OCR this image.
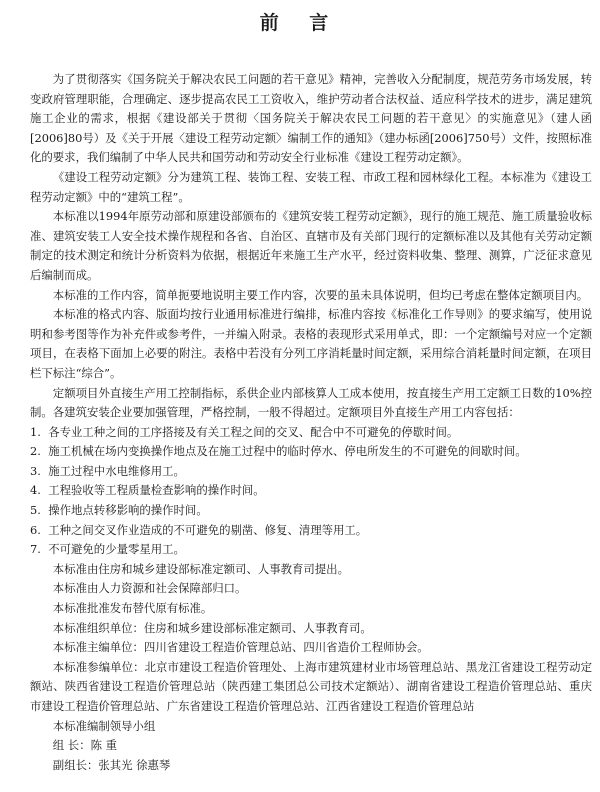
前 言

为了贯彻落实《国务院关于解决农民工问题的若干意见》精神，完善收入分配制度，规范劳务市场发展，转变政府管理职能，合理确定、逐步提高农民工工资收入，维护劳动者合法权益、适应科学技术的进步，满足建筑施工企业的需求，根据《建设部关于贯彻〈国务院关于解决农民工问题的若干意见〉的实施意见》（建人函[2006]80号）及《关于开展〈建设工程劳动定额〉编制工作的通知》（建办标函[2006]750号）文件，按照标准化的要求，我们编制了中华人民共和国劳动和劳动安全行业标准《建设工程劳动定额》。

《建设工程劳动定额》分为建筑工程、装饰工程、安装工程、市政工程和园林绿化工程。本标准为《建设工程劳动定额》中的“建筑工程”。

本标准以1994年原劳动部和原建设部颁布的《建筑安装工程劳动定额》，现行的施工规范、施工质量验收标准、建筑安装工人安全技术操作规程和各省、自治区、直辖市及有关部门现行的定额标准以及其他有关劳动定额制定的技术测定和统计分析资料为依据，根据近年来施工生产水平，经过资料收集、整理、测算，广泛征求意见后编制而成。

本标准的工作内容，简单扼要地说明主要工作内容，次要的虽未具体说明，但均已考虑在整体定额项目内。

本标准的格式内容、版面均按行业通用标准进行编排，标准内容按《标准化工作导则》的要求编写，使用说明和参考图等作为补充件或参考件，一并编入附录。表格的表现形式采用单式，即：一个定额编号对应一个定额项目，在表格下面加上必要的附注。表格中若没有分列工序消耗量时间定额，采用综合消耗量时间定额，在项目栏下标注“综合”。

定额项目外直接生产用工控制指标，系供企业内部核算人工成本使用，按直接生产用工定额工日数的10%控制。各建筑安装企业要加强管理，严格控制，一般不得超过。定额项目外直接生产用工内容包括：

1. 各专业工种之间的工序搭接及有关工程之间的交叉、配合中不可避免的停歇时间。

2. 施工机械在场内变换操作地点及在施工过程中的临时停水、停电所发生的不可避免的间歇时间。

3. 施工过程中水电维修用工。

4. 工程验收等工程质量检查影响的操作时间。

5. 操作地点转移影响的操作时间。

6. 工种之间交叉作业造成的不可避免的剔凿、修复、清理等用工。

7. 不可避免的少量零星用工。

本标准由住房和城乡建设部标准定额司、人事教育司提出。

本标准由人力资源和社会保障部归口。

本标准批准发布替代原有标准。

本标准组织单位：住房和城乡建设部标准定额司、人事教育司。

本标准主编单位：四川省建设工程造价管理总站、四川省造价工程师协会。

本标准参编单位：北京市建设工程造价管理处、上海市建筑建材业市场管理总站、黑龙江省建设工程劳动定额站、陕西省建设工程造价管理总站（陕西建工集团总公司技术定额站）、湖南省建设工程造价管理总站、重庆市建设工程造价管理总站、广东省建设工程造价管理总站、江西省建设工程造价管理总站

本标准编制领导小组

组 长：陈 重

副组长：张其光 徐惠琴
